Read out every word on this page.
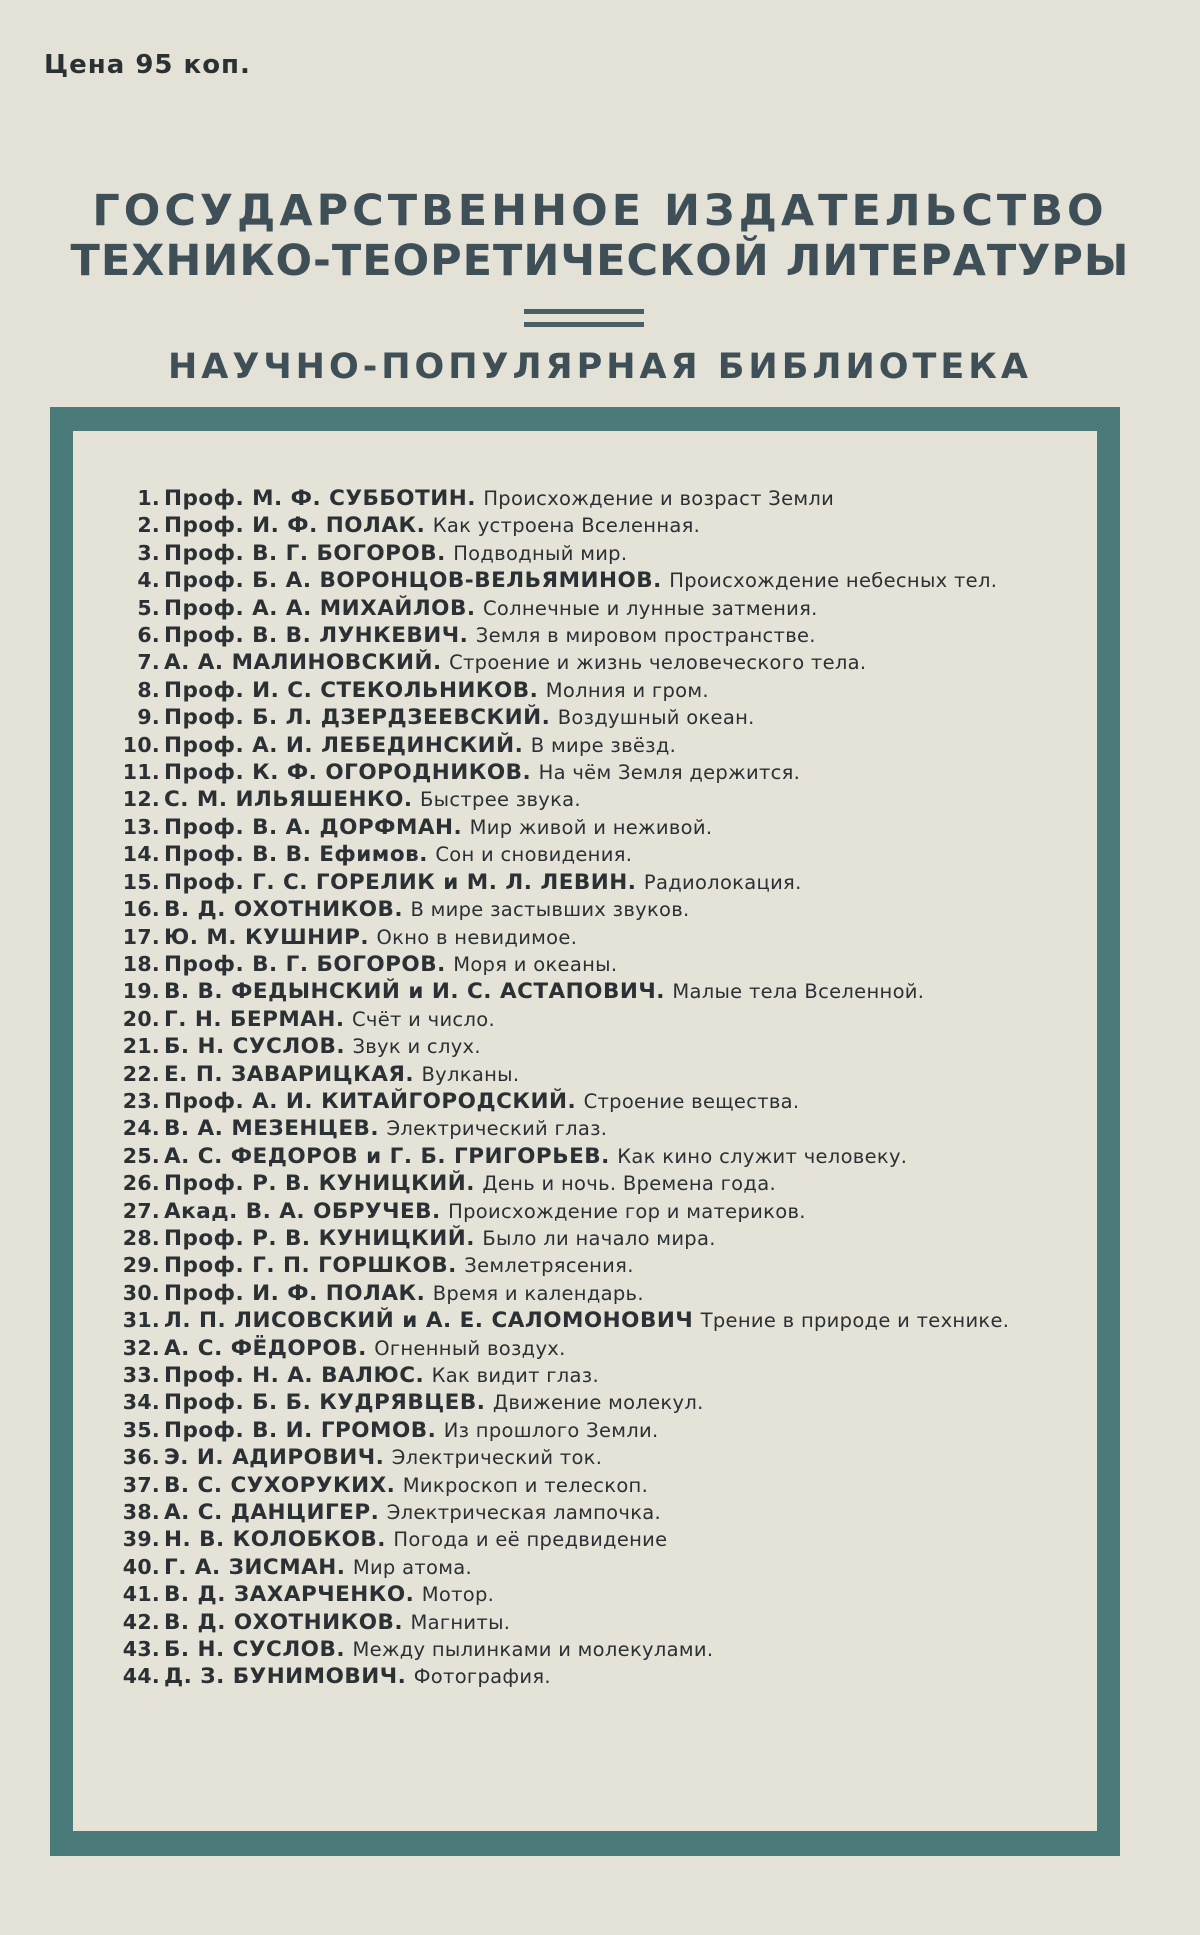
Цена 95 коп.
ГОСУДАРСТВЕННОЕ ИЗДАТЕЛЬСТВО
ТЕХНИКО-ТЕОРЕТИЧЕСКОЙ ЛИТЕРАТУРЫ
НАУЧНО-ПОПУЛЯРНАЯ БИБЛИОТЕКА
1. Проф. М. Ф. СУББОТИН. Происхождение и возраст Земли
2. Проф. И. Ф. ПОЛАК. Как устроена Вселенная.
3. Проф. В. Г. БОГОРОВ. Подводный мир.
4. Проф. Б. А. ВОРОНЦОВ-ВЕЛЬЯМИНОВ. Происхождение небесных тел.
5. Проф. А. А. МИХАЙЛОВ. Солнечные и лунные затмения.
6. Проф. В. В. ЛУНКЕВИЧ. Земля в мировом пространстве.
7. А. А. МАЛИНОВСКИЙ. Строение и жизнь человеческого тела.
8. Проф. И. С. СТЕКОЛЬНИКОВ. Молния и гром.
9. Проф. Б. Л. ДЗЕРДЗЕЕВСКИЙ. Воздушный океан.
10. Проф. А. И. ЛЕБЕДИНСКИЙ. В мире звёзд.
11. Проф. К. Ф. ОГОРОДНИКОВ. На чём Земля держится.
12. С. М. ИЛЬЯШЕНКО. Быстрее звука.
13. Проф. В. А. ДОРФМАН. Мир живой и неживой.
14. Проф. В. В. Ефимов. Сон и сновидения.
15. Проф. Г. С. ГОРЕЛИК и М. Л. ЛЕВИН. Радиолокация.
16. В. Д. ОХОТНИКОВ. В мире застывших звуков.
17. Ю. М. КУШНИР. Окно в невидимое.
18. Проф. В. Г. БОГОРОВ. Моря и океаны.
19. В. В. ФЕДЫНСКИЙ и И. С. АСТАПОВИЧ. Малые тела Вселенной.
20. Г. Н. БЕРМАН. Счёт и число.
21. Б. Н. СУСЛОВ. Звук и слух.
22. Е. П. ЗАВАРИЦКАЯ. Вулканы.
23. Проф. А. И. КИТАЙГОРОДСКИЙ. Строение вещества.
24. В. А. МЕЗЕНЦЕВ. Электрический глаз.
25. А. С. ФЕДОРОВ и Г. Б. ГРИГОРЬЕВ. Как кино служит человеку.
26. Проф. Р. В. КУНИЦКИЙ. День и ночь. Времена года.
27. Акад. В. А. ОБРУЧЕВ. Происхождение гор и материков.
28. Проф. Р. В. КУНИЦКИЙ. Было ли начало мира.
29. Проф. Г. П. ГОРШКОВ. Землетрясения.
30. Проф. И. Ф. ПОЛАК. Время и календарь.
31. Л. П. ЛИСОВСКИЙ и А. Е. САЛОМОНОВИЧ Трение в природе и технике.
32. А. С. ФЁДОРОВ. Огненный воздух.
33. Проф. Н. А. ВАЛЮС. Как видит глаз.
34. Проф. Б. Б. КУДРЯВЦЕВ. Движение молекул.
35. Проф. В. И. ГРОМОВ. Из прошлого Земли.
36. Э. И. АДИРОВИЧ. Электрический ток.
37. В. С. СУХОРУКИХ. Микроскоп и телескоп.
38. А. С. ДАНЦИГЕР. Электрическая лампочка.
39. Н. В. КОЛОБКОВ. Погода и её предвидение
40. Г. А. ЗИСМАН. Мир атома.
41. В. Д. ЗАХАРЧЕНКО. Мотор.
42. В. Д. ОХОТНИКОВ. Магниты.
43. Б. Н. СУСЛОВ. Между пылинками и молекулами.
44. Д. З. БУНИМОВИЧ. Фотография.
